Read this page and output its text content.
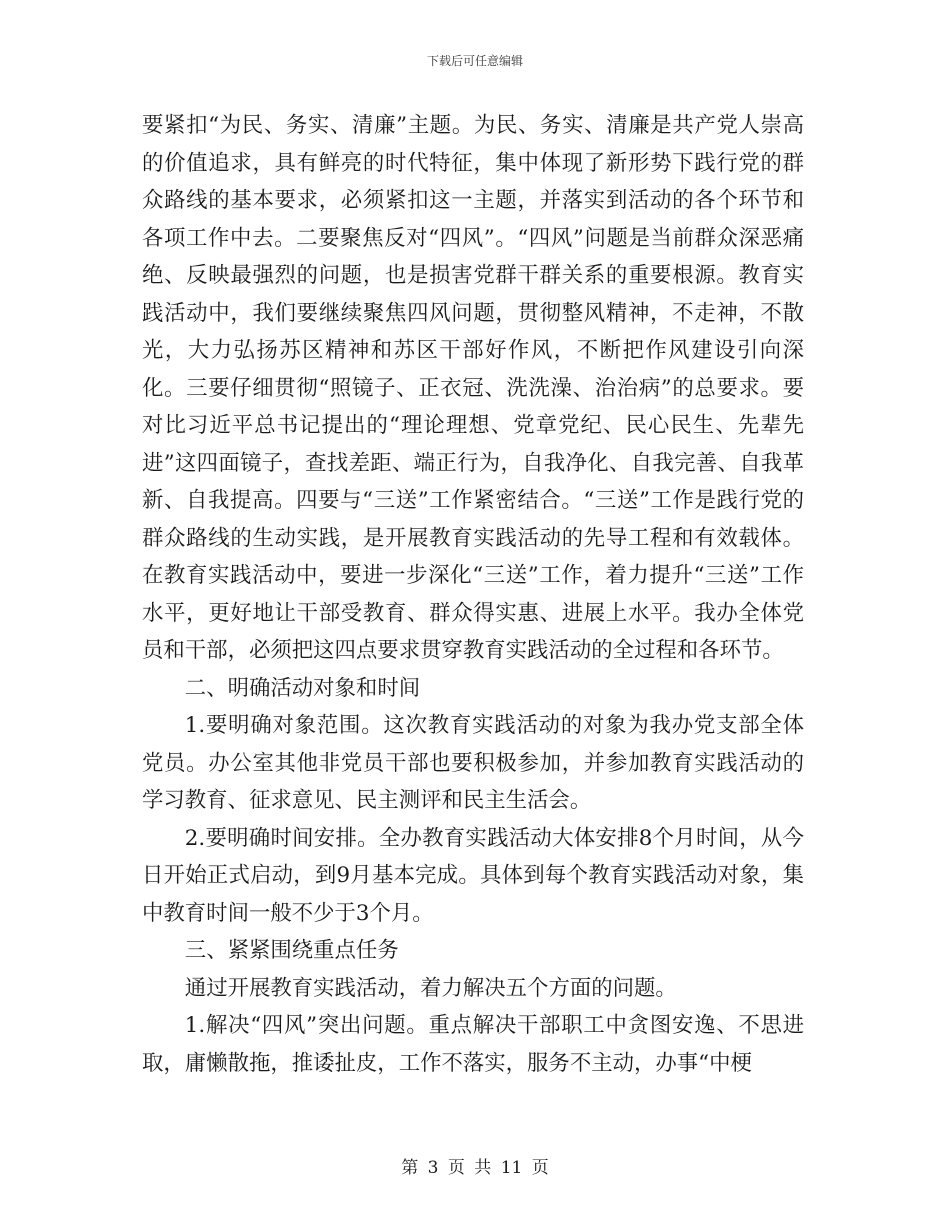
下载后可任意编辑

要紧扣“为民、务实、清廉”主题。为民、务实、清廉是共产党人崇高的价值追求，具有鲜亮的时代特征，集中体现了新形势下践行党的群众路线的基本要求，必须紧扣这一主题，并落实到活动的各个环节和各项工作中去。二要聚焦反对“四风”。“四风”问题是当前群众深恶痛绝、反映最强烈的问题，也是损害党群干群关系的重要根源。教育实践活动中，我们要继续聚焦四风问题，贯彻整风精神，不走神，不散光，大力弘扬苏区精神和苏区干部好作风，不断把作风建设引向深化。三要仔细贯彻“照镜子、正衣冠、洗洗澡、治治病”的总要求。要对比习近平总书记提出的“理论理想、党章党纪、民心民生、先辈先进”这四面镜子，查找差距、端正行为，自我净化、自我完善、自我革新、自我提高。四要与“三送”工作紧密结合。“三送”工作是践行党的群众路线的生动实践，是开展教育实践活动的先导工程和有效载体。在教育实践活动中，要进一步深化“三送”工作，着力提升“三送”工作水平，更好地让干部受教育、群众得实惠、进展上水平。我办全体党员和干部，必须把这四点要求贯穿教育实践活动的全过程和各环节。

二、明确活动对象和时间

1.要明确对象范围。这次教育实践活动的对象为我办党支部全体党员。办公室其他非党员干部也要积极参加，并参加教育实践活动的学习教育、征求意见、民主测评和民主生活会。

2.要明确时间安排。全办教育实践活动大体安排8个月时间，从今日开始正式启动，到9月基本完成。具体到每个教育实践活动对象，集中教育时间一般不少于3个月。

三、紧紧围绕重点任务

通过开展教育实践活动，着力解决五个方面的问题。

1.解决“四风”突出问题。重点解决干部职工中贪图安逸、不思进取，庸懒散拖，推诿扯皮，工作不落实，服务不主动，办事“中梗

第 3 页 共 11 页
